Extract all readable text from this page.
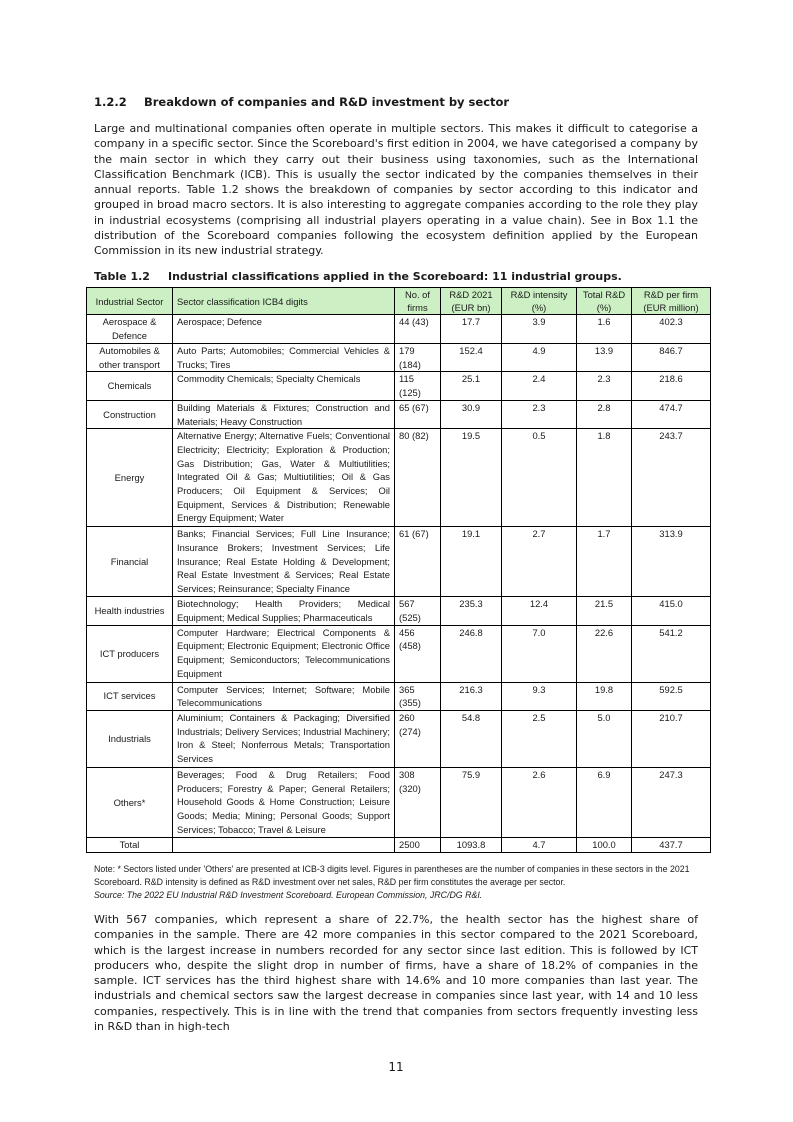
1.2.2 Breakdown of companies and R&D investment by sector
Large and multinational companies often operate in multiple sectors. This makes it difficult to categorise a company in a specific sector. Since the Scoreboard's first edition in 2004, we have categorised a company by the main sector in which they carry out their business using taxonomies, such as the International Classification Benchmark (ICB). This is usually the sector indicated by the companies themselves in their annual reports. Table 1.2 shows the breakdown of companies by sector according to this indicator and grouped in broad macro sectors. It is also interesting to aggregate companies according to the role they play in industrial ecosystems (comprising all industrial players operating in a value chain). See in Box 1.1 the distribution of the Scoreboard companies following the ecosystem definition applied by the European Commission in its new industrial strategy.
Table 1.2 Industrial classifications applied in the Scoreboard: 11 industrial groups.
Industrial Sector	Sector classification ICB4 digits	No. of firms	R&D 2021 (EUR bn)	R&D intensity (%)	Total R&D (%)	R&D per firm (EUR million)
Aerospace & Defence	Aerospace; Defence	44 (43)	17.7	3.9	1.6	402.3
Automobiles & other transport	Auto Parts; Automobiles; Commercial Vehicles & Trucks; Tires	179 (184)	152.4	4.9	13.9	846.7
Chemicals	Commodity Chemicals; Specialty Chemicals	115 (125)	25.1	2.4	2.3	218.6
Construction	Building Materials & Fixtures; Construction and Materials; Heavy Construction	65 (67)	30.9	2.3	2.8	474.7
Energy	Alternative Energy; Alternative Fuels; Conventional Electricity; Electricity; Exploration & Production; Gas Distribution; Gas, Water & Multiutilities; Integrated Oil & Gas; Multiutilities; Oil & Gas Producers; Oil Equipment & Services; Oil Equipment, Services & Distribution; Renewable Energy Equipment; Water	80 (82)	19.5	0.5	1.8	243.7
Financial	Banks; Financial Services; Full Line Insurance; Insurance Brokers; Investment Services; Life Insurance; Real Estate Holding & Development; Real Estate Investment & Services; Real Estate Services; Reinsurance; Specialty Finance	61 (67)	19.1	2.7	1.7	313.9
Health industries	Biotechnology; Health Providers; Medical Equipment; Medical Supplies; Pharmaceuticals	567 (525)	235.3	12.4	21.5	415.0
ICT producers	Computer Hardware; Electrical Components & Equipment; Electronic Equipment; Electronic Office Equipment; Semiconductors; Telecommunications Equipment	456 (458)	246.8	7.0	22.6	541.2
ICT services	Computer Services; Internet; Software; Mobile Telecommunications	365 (355)	216.3	9.3	19.8	592.5
Industrials	Aluminium; Containers & Packaging; Diversified Industrials; Delivery Services; Industrial Machinery; Iron & Steel; Nonferrous Metals; Transportation Services	260 (274)	54.8	2.5	5.0	210.7
Others*	Beverages; Food & Drug Retailers; Food Producers; Forestry & Paper; General Retailers; Household Goods & Home Construction; Leisure Goods; Media; Mining; Personal Goods; Support Services; Tobacco; Travel & Leisure	308 (320)	75.9	2.6	6.9	247.3
Total		2500	1093.8	4.7	100.0	437.7
Note: * Sectors listed under 'Others' are presented at ICB-3 digits level. Figures in parentheses are the number of companies in these sectors in the 2021 Scoreboard. R&D intensity is defined as R&D investment over net sales, R&D per firm constitutes the average per sector.
Source: The 2022 EU Industrial R&D Investment Scoreboard. European Commission, JRC/DG R&I.
With 567 companies, which represent a share of 22.7%, the health sector has the highest share of companies in the sample. There are 42 more companies in this sector compared to the 2021 Scoreboard, which is the largest increase in numbers recorded for any sector since last edition. This is followed by ICT producers who, despite the slight drop in number of firms, have a share of 18.2% of companies in the sample. ICT services has the third highest share with 14.6% and 10 more companies than last year. The industrials and chemical sectors saw the largest decrease in companies since last year, with 14 and 10 less companies, respectively. This is in line with the trend that companies from sectors frequently investing less in R&D than in high-tech
11
